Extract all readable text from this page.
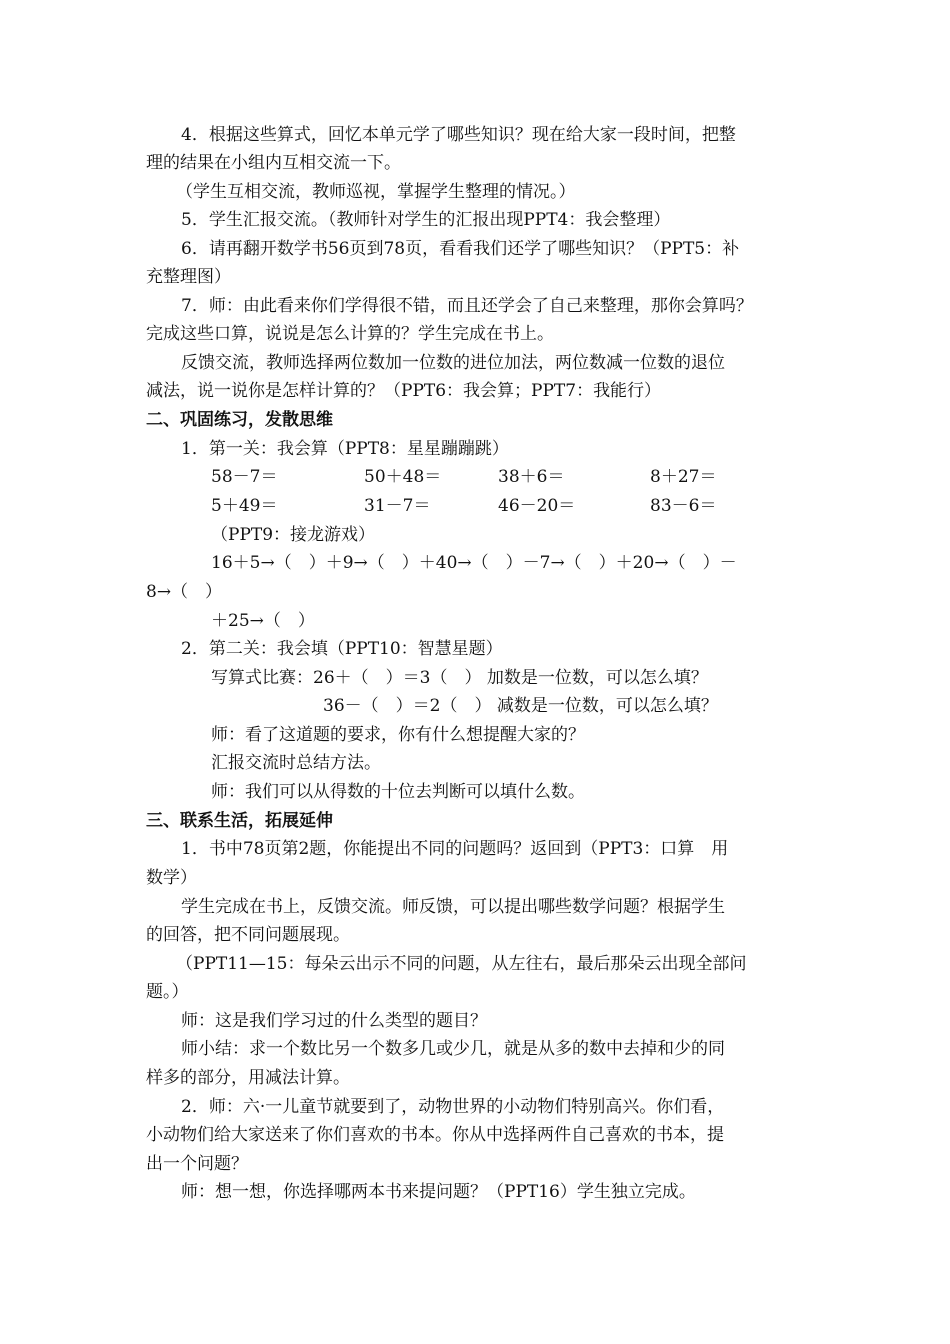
4．根据这些算式，回忆本单元学了哪些知识？现在给大家一段时间，把整
理的结果在小组内互相交流一下。
（学生互相交流，教师巡视，掌握学生整理的情况。）
5．学生汇报交流。（教师针对学生的汇报出现PPT4：我会整理）
6．请再翻开数学书56页到78页，看看我们还学了哪些知识？（PPT5：补
充整理图）
7．师：由此看来你们学得很不错，而且还学会了自己来整理，那你会算吗？
完成这些口算，说说是怎么计算的？学生完成在书上。
反馈交流，教师选择两位数加一位数的进位加法，两位数减一位数的退位
减法，说一说你是怎样计算的？（PPT6：我会算；PPT7：我能行）
二、巩固练习，发散思维
1．第一关：我会算（PPT8：星星蹦蹦跳）
58－7＝	50＋48＝	38＋6＝	8＋27＝
5＋49＝	31－7＝	46－20＝	83－6＝
（PPT9：接龙游戏）
16＋5→（　）＋9→（　）＋40→（　）－7→（　）＋20→（　）－
8→（　）
＋25→（　）
2．第二关：我会填（PPT10：智慧星题）
写算式比赛：26＋（　）＝3（　） 加数是一位数，可以怎么填？
36－（　）＝2（　） 减数是一位数，可以怎么填？
师：看了这道题的要求，你有什么想提醒大家的？
汇报交流时总结方法。
师：我们可以从得数的十位去判断可以填什么数。
三、联系生活，拓展延伸
1．书中78页第2题，你能提出不同的问题吗？返回到（PPT3：口算　用
数学）
学生完成在书上，反馈交流。师反馈，可以提出哪些数学问题？根据学生
的回答，把不同问题展现。
（PPT11—15：每朵云出示不同的问题，从左往右，最后那朵云出现全部问
题。）
师：这是我们学习过的什么类型的题目？
师小结：求一个数比另一个数多几或少几，就是从多的数中去掉和少的同
样多的部分，用减法计算。
2．师：六·一儿童节就要到了，动物世界的小动物们特别高兴。你们看，
小动物们给大家送来了你们喜欢的书本。你从中选择两件自己喜欢的书本，提
出一个问题？
师：想一想，你选择哪两本书来提问题？（PPT16）学生独立完成。
